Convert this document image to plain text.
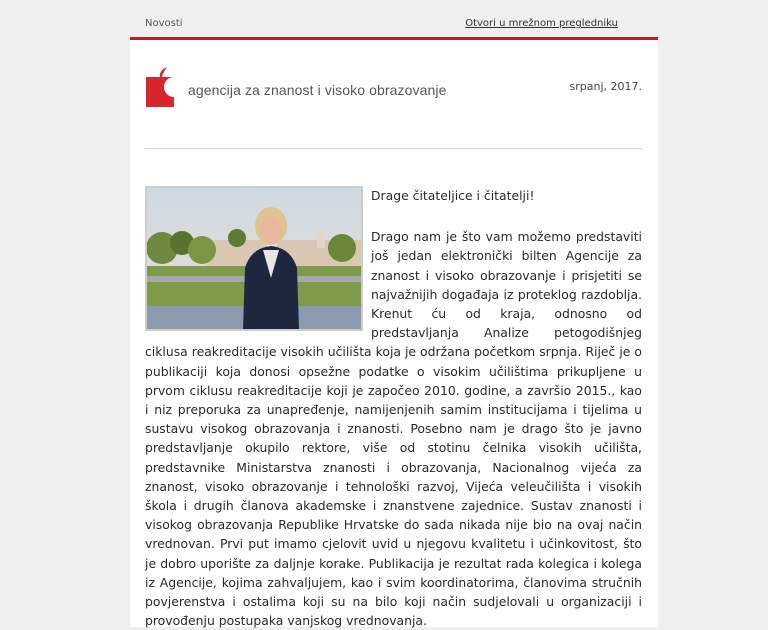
Novosti	Otvori u mrežnom pregledniku
agencija za znanost i visoko obrazovanje	srpanj, 2017.

Drage čitateljice i čitatelji!

Drago nam je što vam možemo predstaviti još jedan elektronički bilten Agencije za znanost i visoko obrazovanje i prisjetiti se najvažnijih događaja iz proteklog razdoblja. Krenut ću od kraja, odnosno od predstavljanja Analize petogodišnjeg ciklusa reakreditacije visokih učilišta koja je održana početkom srpnja. Riječ je o publikaciji koja donosi opsežne podatke o visokim učilištima prikupljene u prvom ciklusu reakreditacije koji je započeo 2010. godine, a završio 2015., kao i niz preporuka za unapređenje, namijenjenih samim institucijama i tijelima u sustavu visokog obrazovanja i znanosti. Posebno nam je drago što je javno predstavljanje okupilo rektore, više od stotinu čelnika visokih učilišta, predstavnike Ministarstva znanosti i obrazovanja, Nacionalnog vijeća za znanost, visoko obrazovanje i tehnološki razvoj, Vijeća veleučilišta i visokih škola i drugih članova akademske i znanstvene zajednice. Sustav znanosti i visokog obrazovanja Republike Hrvatske do sada nikada nije bio na ovaj način vrednovan. Prvi put imamo cjelovit uvid u njegovu kvalitetu i učinkovitost, što je dobro uporište za daljnje korake. Publikacija je rezultat rada kolegica i kolega iz Agencije, kojima zahvaljujem, kao i svim koordinatorima, članovima stručnih povjerenstva i ostalima koji su na bilo koji način sudjelovali u organizaciji i provođenju postupaka vanjskog vrednovanja.
